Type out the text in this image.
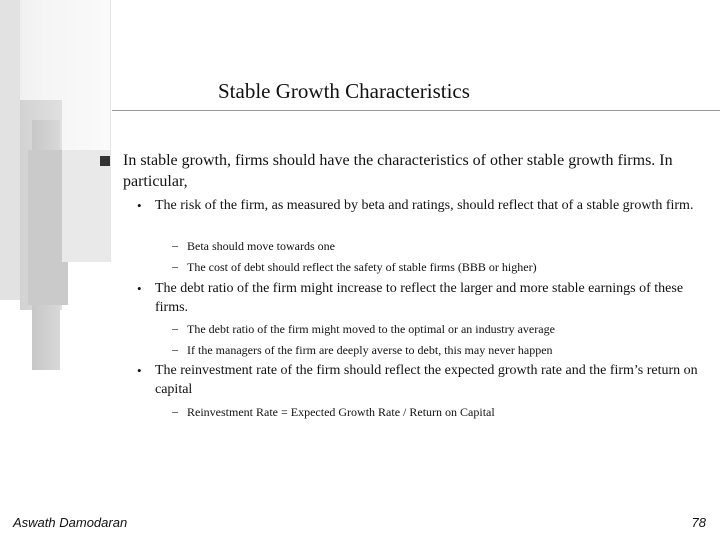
Stable Growth Characteristics

In stable growth, firms should have the characteristics of other stable growth firms. In particular,

• The risk of the firm, as measured by beta and ratings, should reflect that of a stable growth firm.

– Beta should move towards one

– The cost of debt should reflect the safety of stable firms (BBB or higher)

• The debt ratio of the firm might increase to reflect the larger and more stable earnings of these firms.

– The debt ratio of the firm might moved to the optimal or an industry average

– If the managers of the firm are deeply averse to debt, this may never happen

• The reinvestment rate of the firm should reflect the expected growth rate and the firm’s return on capital

– Reinvestment Rate = Expected Growth Rate / Return on Capital

Aswath Damodaran	78
